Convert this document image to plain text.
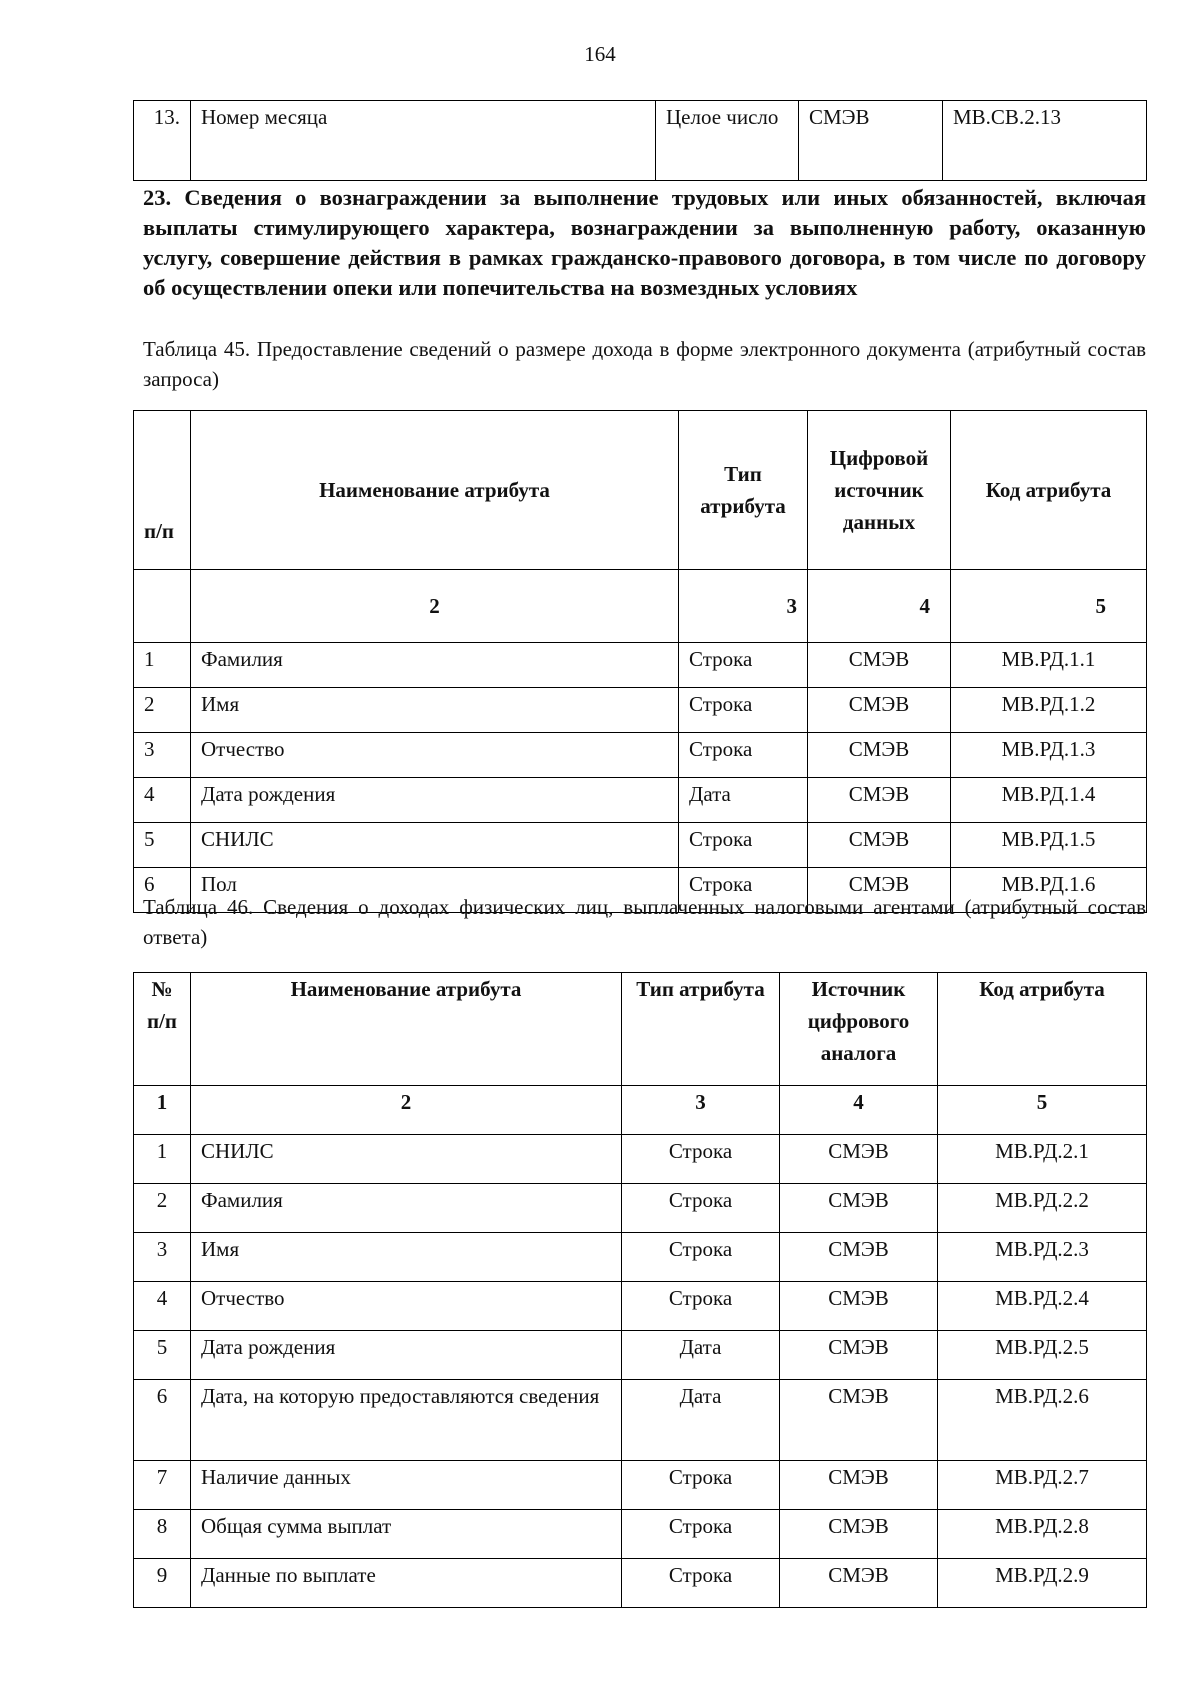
164
13.	Номер месяца	Целое число	СМЭВ	МВ.СВ.2.13
23. Сведения о вознаграждении за выполнение трудовых или иных обязанностей, включая выплаты стимулирующего характера, вознаграждении за выполненную работу, оказанную услугу, совершение действия в рамках гражданско-правового договора, в том числе по договору об осуществлении опеки или попечительства на возмездных условиях
Таблица 45. Предоставление сведений о размере дохода в форме электронного документа (атрибутный состав запроса)
п/п	Наименование атрибута	Тип атрибута	Цифровой источник данных	Код атрибута
	2	3	4	5
1	Фамилия	Строка	СМЭВ	МВ.РД.1.1
2	Имя	Строка	СМЭВ	МВ.РД.1.2
3	Отчество	Строка	СМЭВ	МВ.РД.1.3
4	Дата рождения	Дата	СМЭВ	МВ.РД.1.4
5	СНИЛС	Строка	СМЭВ	МВ.РД.1.5
6	Пол	Строка	СМЭВ	МВ.РД.1.6
Таблица 46. Сведения о доходах физических лиц, выплаченных налоговыми агентами (атрибутный состав ответа)
№ п/п	Наименование атрибута	Тип атрибута	Источник цифрового аналога	Код атрибута
1	2	3	4	5
1	СНИЛС	Строка	СМЭВ	МВ.РД.2.1
2	Фамилия	Строка	СМЭВ	МВ.РД.2.2
3	Имя	Строка	СМЭВ	МВ.РД.2.3
4	Отчество	Строка	СМЭВ	МВ.РД.2.4
5	Дата рождения	Дата	СМЭВ	МВ.РД.2.5
6	Дата, на которую предоставляются сведения	Дата	СМЭВ	МВ.РД.2.6
7	Наличие данных	Строка	СМЭВ	МВ.РД.2.7
8	Общая сумма выплат	Строка	СМЭВ	МВ.РД.2.8
9	Данные по выплате	Строка	СМЭВ	МВ.РД.2.9
